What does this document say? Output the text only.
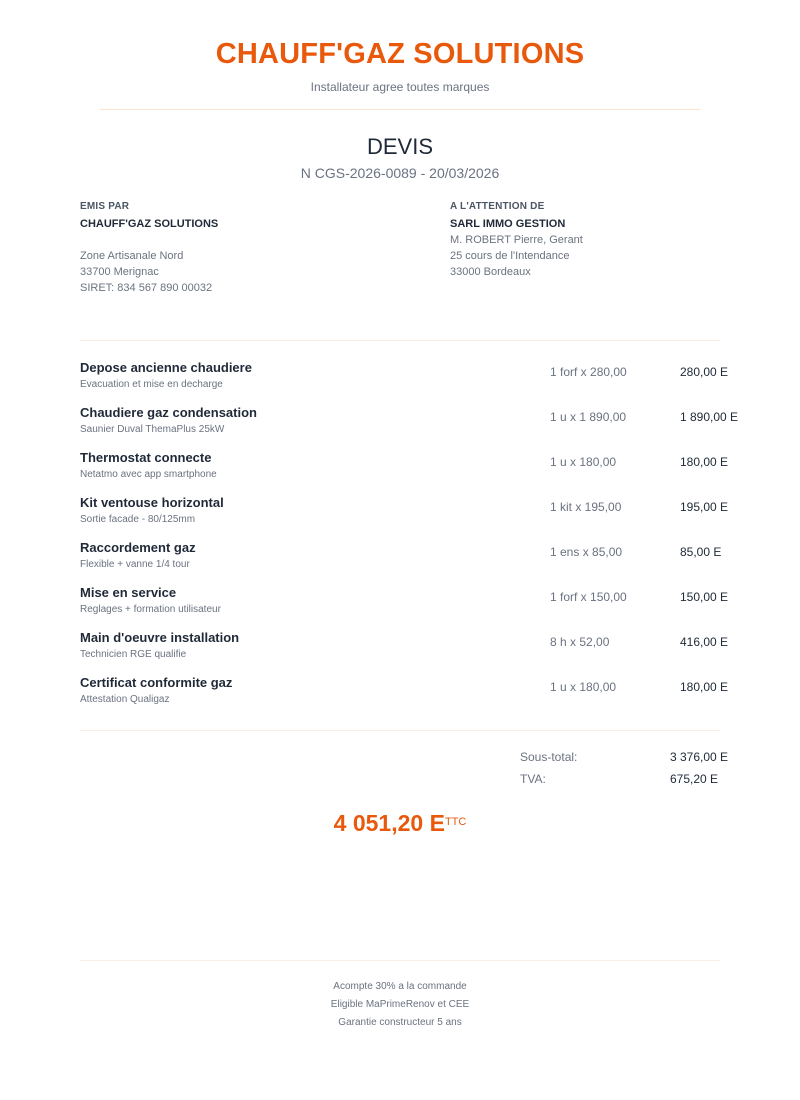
CHAUFF'GAZ SOLUTIONS
Installateur agree toutes marques
DEVIS
N CGS-2026-0089 - 20/03/2026
EMIS PAR
CHAUFF'GAZ SOLUTIONS
Zone Artisanale Nord
33700 Merignac
SIRET: 834 567 890 00032
A L'ATTENTION DE
SARL IMMO GESTION
M. ROBERT Pierre, Gerant
25 cours de l'Intendance
33000 Bordeaux
Depose ancienne chaudiere
Evacuation et mise en decharge
1 forf x 280,00	280,00 E
Chaudiere gaz condensation
Saunier Duval ThemaPlus 25kW
1 u x 1 890,00	1 890,00 E
Thermostat connecte
Netatmo avec app smartphone
1 u x 180,00	180,00 E
Kit ventouse horizontal
Sortie facade - 80/125mm
1 kit x 195,00	195,00 E
Raccordement gaz
Flexible + vanne 1/4 tour
1 ens x 85,00	85,00 E
Mise en service
Reglages + formation utilisateur
1 forf x 150,00	150,00 E
Main d'oeuvre installation
Technicien RGE qualifie
8 h x 52,00	416,00 E
Certificat conformite gaz
Attestation Qualigaz
1 u x 180,00	180,00 E
Sous-total:	3 376,00 E
TVA:	675,20 E
4 051,20 $E^{TTC}$
Acompte 30% a la commande
Eligible MaPrimeRenov et CEE
Garantie constructeur 5 ans
